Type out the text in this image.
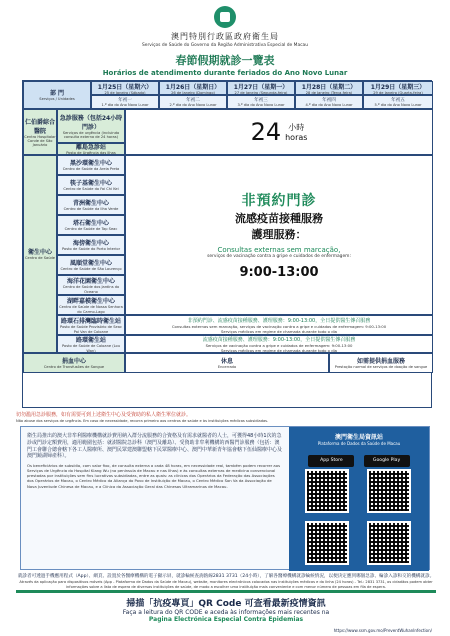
澳門特別行政區政府衛生局
Serviços de Saúde do Governo da Região Administrativa Especial de Macau
春節假期就診一覽表
Horários de atendimento durante feriados do Ano Novo Lunar
部 門
Serviços / Unidades
1月25日（星期六）
25 de Janeiro (Sábado)
1月26日（星期日）
26 de Janeiro (Domingo)
1月27日（星期一）
27 de Janeiro (Segunda-feira)
1月28日（星期二）
28 de Janeiro (Terça-feira)
1月29日（星期三）
29 de Janeiro (Quarta-feira)
年初一
1.º dia do Ano Novo Lunar
年初二
2.º dia do Ano Novo Lunar
年初三
3.º dia do Ano Novo Lunar
年初四
4.º dia do Ano Novo Lunar
年初五
5.º dia do Ano Novo Lunar
仁伯爵綜合醫院
Centro Hospitalar Conde de São Januário
急診服務（包括24小時門診）
Serviços de urgência (incluindo consulta externa de 24 horas)
離島急診站
Posto de Urgência das Ilhas
24 小時
horas
衛生中心
Centro de Saúde
黑沙環衛生中心
Centro de Saúde da Areia Preta
筷子基衛生中心
Centro de Saúde do Fai Chi Kei
青洲衛生中心
Centro de Saúde da Ilha Verde
塔石衛生中心
Centro de Saúde de Tap Seac
海傍衛生中心
Posto de Saúde do Porto Interior
風順堂衛生中心
Centro de Saúde de São Lourenço
海洋花園衛生中心
Centro de Saúde dos Jardins do Oceano
湖畔嘉模衛生中心
Centro de Saúde de Nossa Senhora do Carmo-Lago
非預約門診
流感疫苗接種服務
護理服務：
Consultas externas sem marcação,
serviços de vacinação contra a gripe e cuidados de enfermagem:
9:00-13:00
路環石排灣臨時衛生站
Posto de Saúde Provisório de Seac Pai Van de Coloane
非預約門診、流感疫苗接種服務、護理服務：9:00-13:00，全日提供醫生傳召服務
Consultas externas sem marcação, serviços de vacinação contra a gripe e cuidados de enfermagem: 9:00-13:00
Serviços médicos em regime de chamada durante todo o dia
路環衛生站
Posto de Saúde de Coloane (Lou Wan)
流感疫苗接種服務、護理服務：9:00-13:00，全日提供醫生傳召服務
Serviços de vacinação contra a gripe e cuidados de enfermagem: 9:00-13:00
Serviços médicos em regime de chamada durante todo o dia
捐血中心
Centro de Transfusões de Sangue
休息
Encerrado
如需提供捐血服務
Prestação normal de serviços de doação de sangue
切勿濫用急診服務，如有需要可到上述衛生中心及受資助的私人衛生單位就診。
Não abuse dos serviços de urgência. Em caso de necessidade, recorra primeiro aos centros de saúde e às instituições médicas subsidiadas.
衛生局推出的澳大非牟利醫療機構就診費用納入群分流服務的合資格及有需求就醫者的人士，可獲得48小時1次的急診或門診定額費用，適用範圍包括：就澍醫院急診科（澳門及離島）、受資助非牟利機構的西醫門診服務（包括：澳門工會聯合總會轄下各工人醫療所、澳門民眾建澳聯盟轄下民眾醫療中心、澳門中華新青年協會轄下伍仙醫療中心及澳門鏡湖婦產科）。
Os beneficiários de subsídio, com valor fixo, de consulta externa a cada 48 horas, em necessidade real, também podem recorrer aos Serviços de Urgência do Hospital Kiang Wu (na península de Macau e nas Ilhas) e às consultas externas de medicina convencional prestadas por instituições sem fins lucrativos subsidiadas, entre as quais: as clínicas dos Operários da Federação das Associações dos Operários de Macau, o Centro Médico da Aliança do Povo de Instituição de Macau, o Centro Médico Son Va da Associação de Nova Juventude Chinesa de Macau, e a Clínica da Associação Geral das Chinesas Ultramarinos de Macau.
澳門衛生局資訊站
Plataforma de Dados da Saúde de Macau
App Store	Google Play
就診者可透過手機應用程式（App）、網頁、設置於各醫療機構的電子顯示屏，就診輪候查詢熱線2831 3731（24小時），了解各醫療機構就診輪候情況，以便決定應到哪個急診、輪診入診和交的機構就診。
Através da aplicação para dispositivos móveis (App - Plataforma de Dados da Saúde de Macau), website, monitores electrónicos colocados nas instituições médicas e da linha (24 horas) - Tel.: 2831 3731, os cidadãos podem obter informações sobre a lista de espera de diversas instituições de saúde, de modo a escolher uma instituição mais conveniente e com menor número de pessoas em fila de espera.
掃描「抗疫專頁」QR Code 可查看最新疫情資訊
Faça a leitura do QR CODE e aceda às informações mais recentes na
Pagina Electrónica Especial Contra Epidemias
https://www.ssm.gov.mo/PreventWuhanInfection/
